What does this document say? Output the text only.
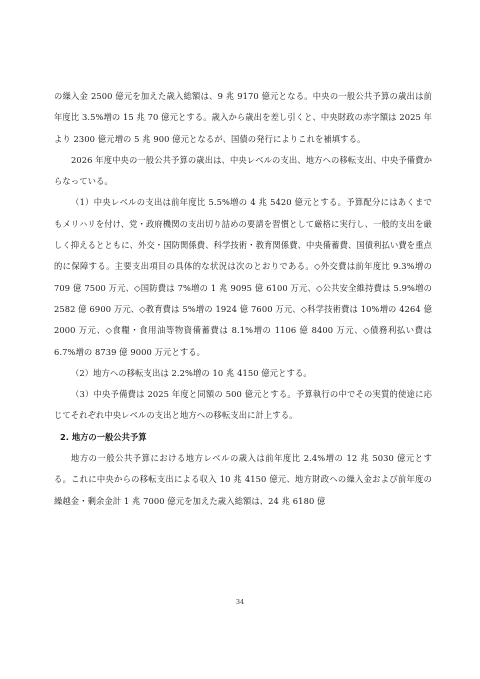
の繰入金 2500 億元を加えた歳入総額は、9 兆 9170 億元となる。中央の一般公共予算の歳出は前年度比 3.5%増の 15 兆 70 億元とする。歳入から歳出を差し引くと、中央財政の赤字額は 2025 年より 2300 億元増の 5 兆 900 億元となるが、国債の発行によりこれを補填する。

2026 年度中央の一般公共予算の歳出は、中央レベルの支出、地方への移転支出、中央予備費からなっている。

（1）中央レベルの支出は前年度比 5.5%増の 4 兆 5420 億元とする。予算配分にはあくまでもメリハリを付け、党・政府機関の支出切り詰めの要請を習慣として厳格に実行し、一般的支出を厳しく抑えるとともに、外交・国防関係費、科学技術・教育関係費、中央備蓄費、国債利払い費を重点的に保障する。主要支出項目の具体的な状況は次のとおりである。◇外交費は前年度比 9.3%増の 709 億 7500 万元、◇国防費は 7%増の 1 兆 9095 億 6100 万元、◇公共安全維持費は 5.9%増の 2582 億 6900 万元、◇教育費は 5%増の 1924 億 7600 万元、◇科学技術費は 10%増の 4264 億 2000 万元、◇食糧・食用油等物資備蓄費は 8.1%増の 1106 億 8400 万元、◇債務利払い費は 6.7%増の 8739 億 9000 万元とする。

（2）地方への移転支出は 2.2%増の 10 兆 4150 億元とする。

（3）中央予備費は 2025 年度と同額の 500 億元とする。予算執行の中でその実質的使途に応じてそれぞれ中央レベルの支出と地方への移転支出に計上する。

2. 地方の一般公共予算

地方の一般公共予算における地方レベルの歳入は前年度比 2.4%増の 12 兆 5030 億元とする。これに中央からの移転支出による収入 10 兆 4150 億元、地方財政への繰入金および前年度の繰越金・剰余金計 1 兆 7000 億元を加えた歳入総額は、24 兆 6180 億

34
